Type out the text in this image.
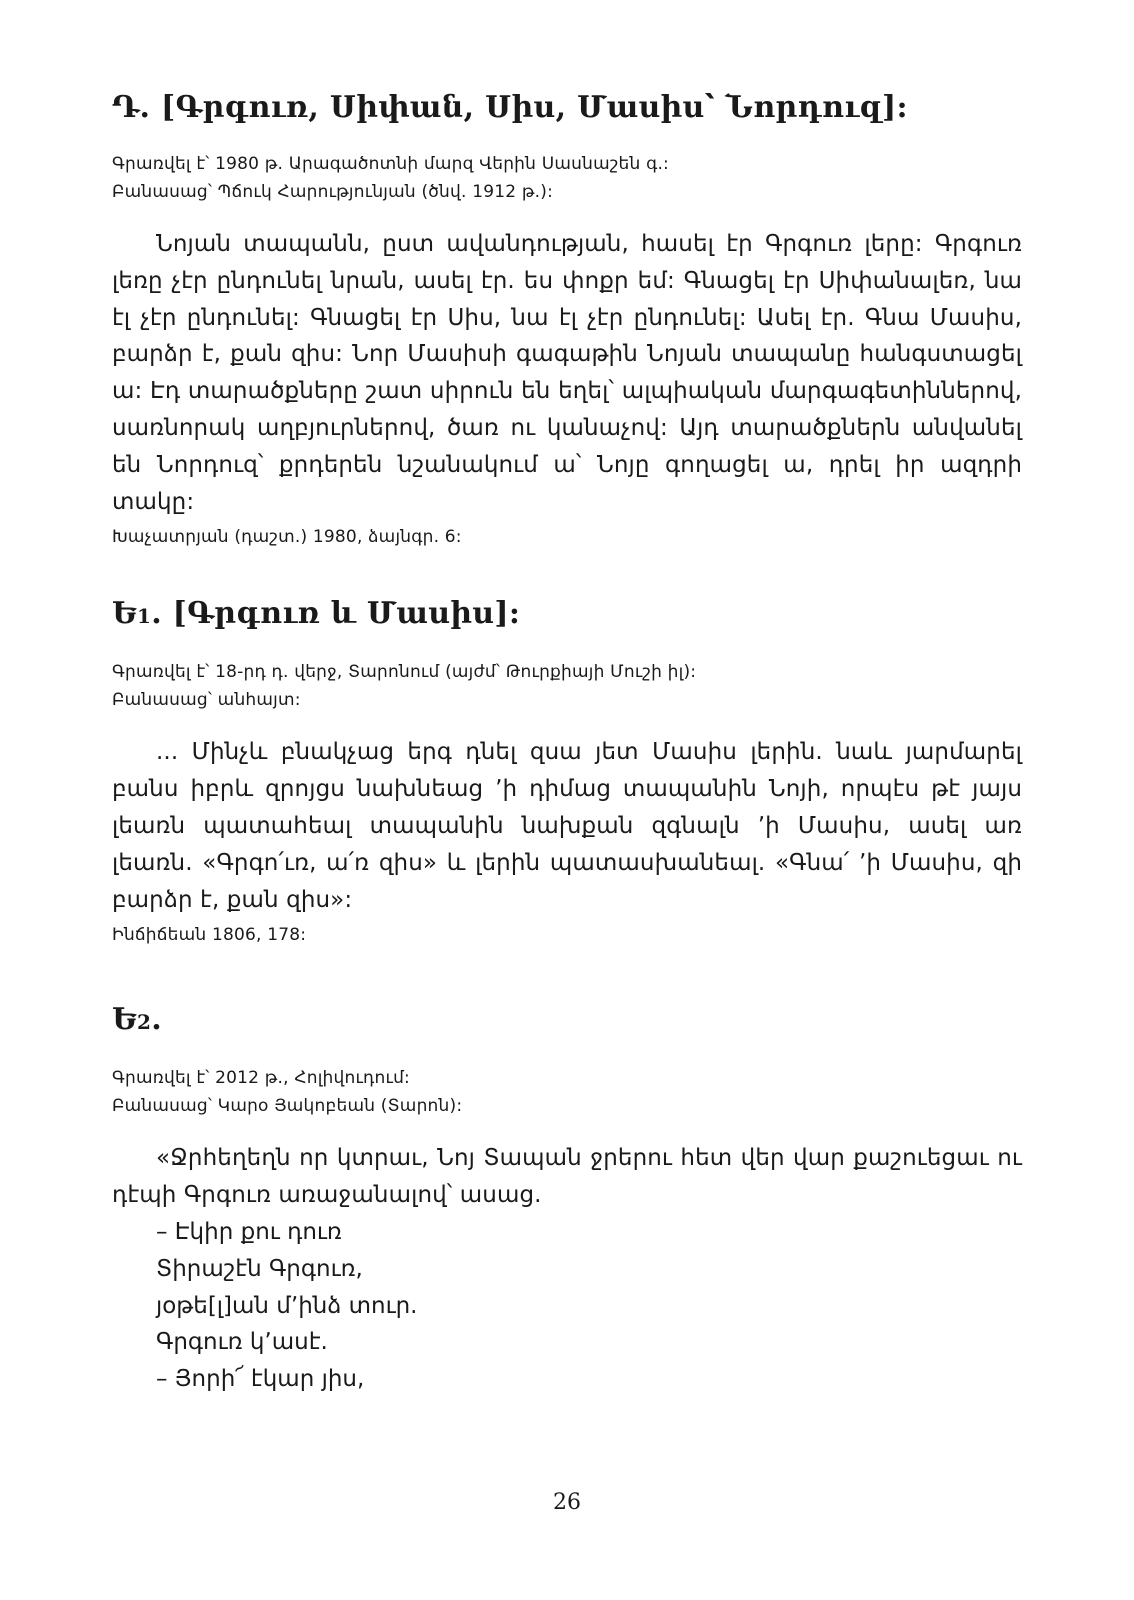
Դ. [Գրգուռ, Սիփան, Սիս, Մասիս՝ Նորդուզ]:

Գրառվել է՝ 1980 թ. Արագածոտնի մարզ Վերին Սասնաշեն գ.:

Բանասաց՝ Պճուկ Հարությունյան (ծնվ. 1912 թ.):

Նոյան տապանն, ըստ ավանդության, հասել էր Գրգուռ լերը: Գրգուռ լեռը չէր ընդունել նրան, ասել էր. ես փոքր եմ: Գնացել էր Սիփանալեռ, նա էլ չէր ընդունել: Գնացել էր Սիս, նա էլ չէր ընդունել: Ասել էր. Գնա Մասիս, բարձր է, քան զիս: Նոր Մասիսի գագաթին Նոյան տապանը հանգստացել ա: Էդ տարածքները շատ սիրուն են եղել՝ ալպիական մարգագետիններով, սառնորակ աղբյուրներով, ծառ ու կանաչով: Այդ տարածքներն անվանել են Նորդուզ՝ քրդերեն նշանակում ա՝ Նոյը գողացել ա, դրել իր ազդրի տակը:

Խաչատրյան (դաշտ.) 1980, ձայնգր. 6:

Ե1. [Գրգուռ և Մասիս]:

Գրառվել է՝ 18-րդ դ. վերջ, Տարոնում (այժմ՝ Թուրքիայի Մուշի իլ):

Բանասաց՝ անհայտ:

... Մինչև բնակչաց երգ դնել զսա յետ Մասիս լերին. նաև յարմարել բանս իբրև զրոյցս նախնեաց ՚ի դիմաց տապանին Նոյի, որպէս թէ յայս լեառն պատահեալ տապանին նախքան զգնալն ՚ի Մասիս, ասել առ լեառն. «Գրգո՛ւռ, ա՛ռ զիս» և լերին պատասխանեալ. «Գնա՛ ՚ի Մասիս, զի բարձր է, քան զիս»:

Ինճիճեան 1806, 178:

Ե2.

Գրառվել է՝ 2012 թ., Հոլիվուդում:

Բանասաց՝ Կարօ Յակոբեան (Տարոն):

«Ջրհեղեղն որ կտրաւ, Նոյ Տապան ջրերու հետ վեր վար քաշուեցաւ ու դէպի Գրգուռ առաջանալով՝ ասաց.

– Էկիր քու դուռ

Տիրաշէն Գրգուռ,

յօթե[լ]ան մ՚ինձ տուր.

Գրգուռ կ՚ասէ.

– Յորի՜ էկար յիս,

26
